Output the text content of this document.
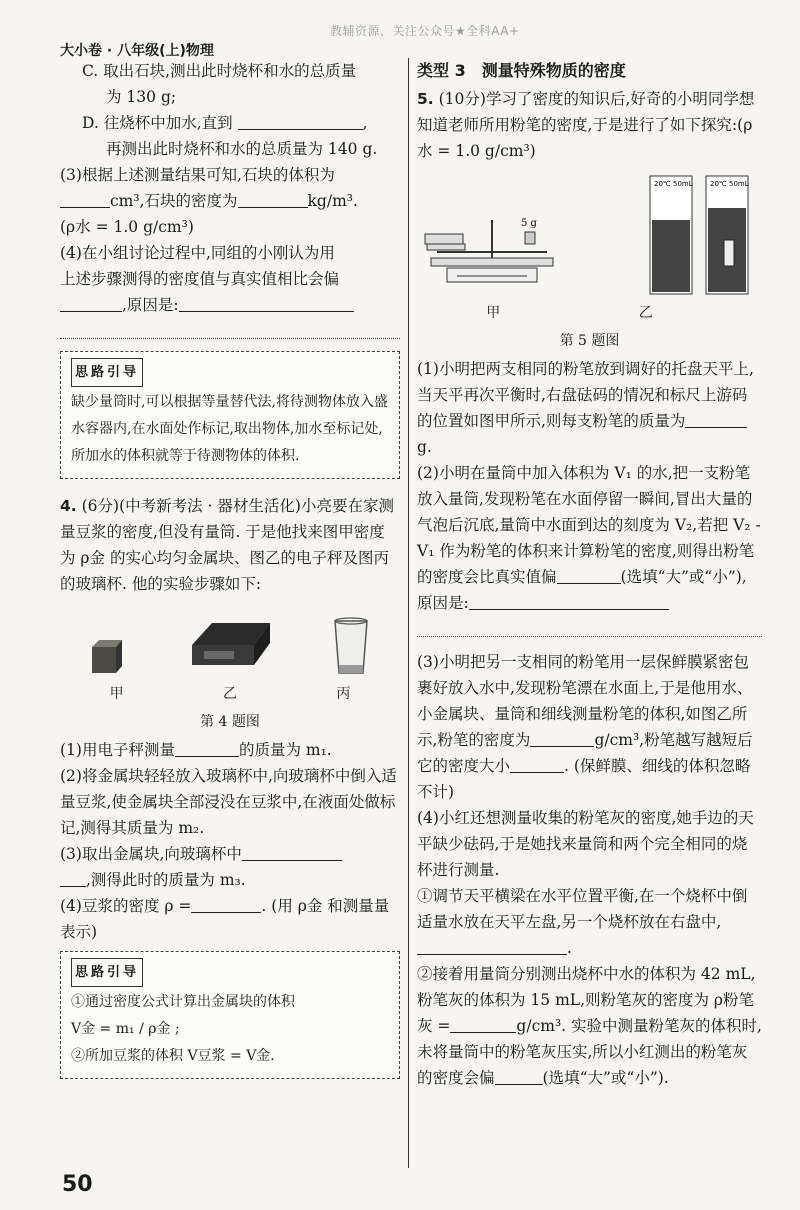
教辅资源，关注公众号★全科AA+
大小卷 · 八年级(上)物理

C. 取出石块,测出此时烧杯和水的总质量

为 130 g;

D. 往烧杯中加水,直到	,

再测出此时烧杯和水的总质量为 140 g.

(3)根据上述测量结果可知,石块的体积为

cm³,石块的密度为	kg/m³.

(ρ水 = 1.0 g/cm³)

(4)在小组讨论过程中,同组的小刚认为用

上述步骤测得的密度值与真实值相比会偏

,原因是:

思路引导
缺少量筒时,可以根据等量替代法,将待测物体放入盛水容器内,在水面处作标记,取出物体,加水至标记处,所加水的体积就等于待测物体的体积.

4. (6分)(中考新考法 · 器材生活化)小亮要在家测量豆浆的密度,但没有量筒. 于是他找来图甲密度为 ρ金 的实心均匀金属块、图乙的电子秤及图丙的玻璃杯. 他的实验步骤如下:

甲	乙	丙
第 4 题图

(1)用电子秤测量	的质量为 m₁.

(2)将金属块轻轻放入玻璃杯中,向玻璃杯中倒入适量豆浆,使金属块全部浸没在豆浆中,在液面处做标记,测得其质量为 m₂.

(3)取出金属块,向玻璃杯中
,测得此时的质量为 m₃.

(4)豆浆的密度 ρ =	. (用 ρ金 和测量量表示)

思路引导
①通过密度公式计算出金属块的体积
V金 = m₁ / ρ金 ;
②所加豆浆的体积 V豆浆 = V金.
类型 3　测量特殊物质的密度

5. (10分)学习了密度的知识后,好奇的小明同学想知道老师所用粉笔的密度,于是进行了如下探究:(ρ水 = 1.0 g/cm³)

5 g
20℃ 50mL 20℃ 50mL
甲	乙
第 5 题图

(1)小明把两支相同的粉笔放到调好的托盘天平上,当天平再次平衡时,右盘砝码的情况和标尺上游码的位置如图甲所示,则每支粉笔的质量为g.

(2)小明在量筒中加入体积为 V₁ 的水,把一支粉笔放入量筒,发现粉笔在水面停留一瞬间,冒出大量的气泡后沉底,量筒中水面到达的刻度为 V₂,若把 V₂ - V₁ 作为粉笔的体积来计算粉笔的密度,则得出粉笔的密度会比真实值偏	(选填“大”或“小”),原因是:

(3)小明把另一支相同的粉笔用一层保鲜膜紧密包裹好放入水中,发现粉笔漂在水面上,于是他用水、小金属块、量筒和细线测量粉笔的体积,如图乙所示,粉笔的密度为	g/cm³,粉笔越写越短后它的密度大小	. (保鲜膜、细线的体积忽略不计)

(4)小红还想测量收集的粉笔灰的密度,她手边的天平缺少砝码,于是她找来量筒和两个完全相同的烧杯进行测量.

①调节天平横梁在水平位置平衡,在一个烧杯中倒适量水放在天平左盘,另一个烧杯放在右盘中,.

②接着用量筒分别测出烧杯中水的体积为 42 mL,粉笔灰的体积为 15 mL,则粉笔灰的密度为 ρ粉笔灰 =	g/cm³. 实验中测量粉笔灰的体积时,未将量筒中的粉笔灰压实,所以小红测出的粉笔灰的密度会偏	(选填“大”或“小”).

50
